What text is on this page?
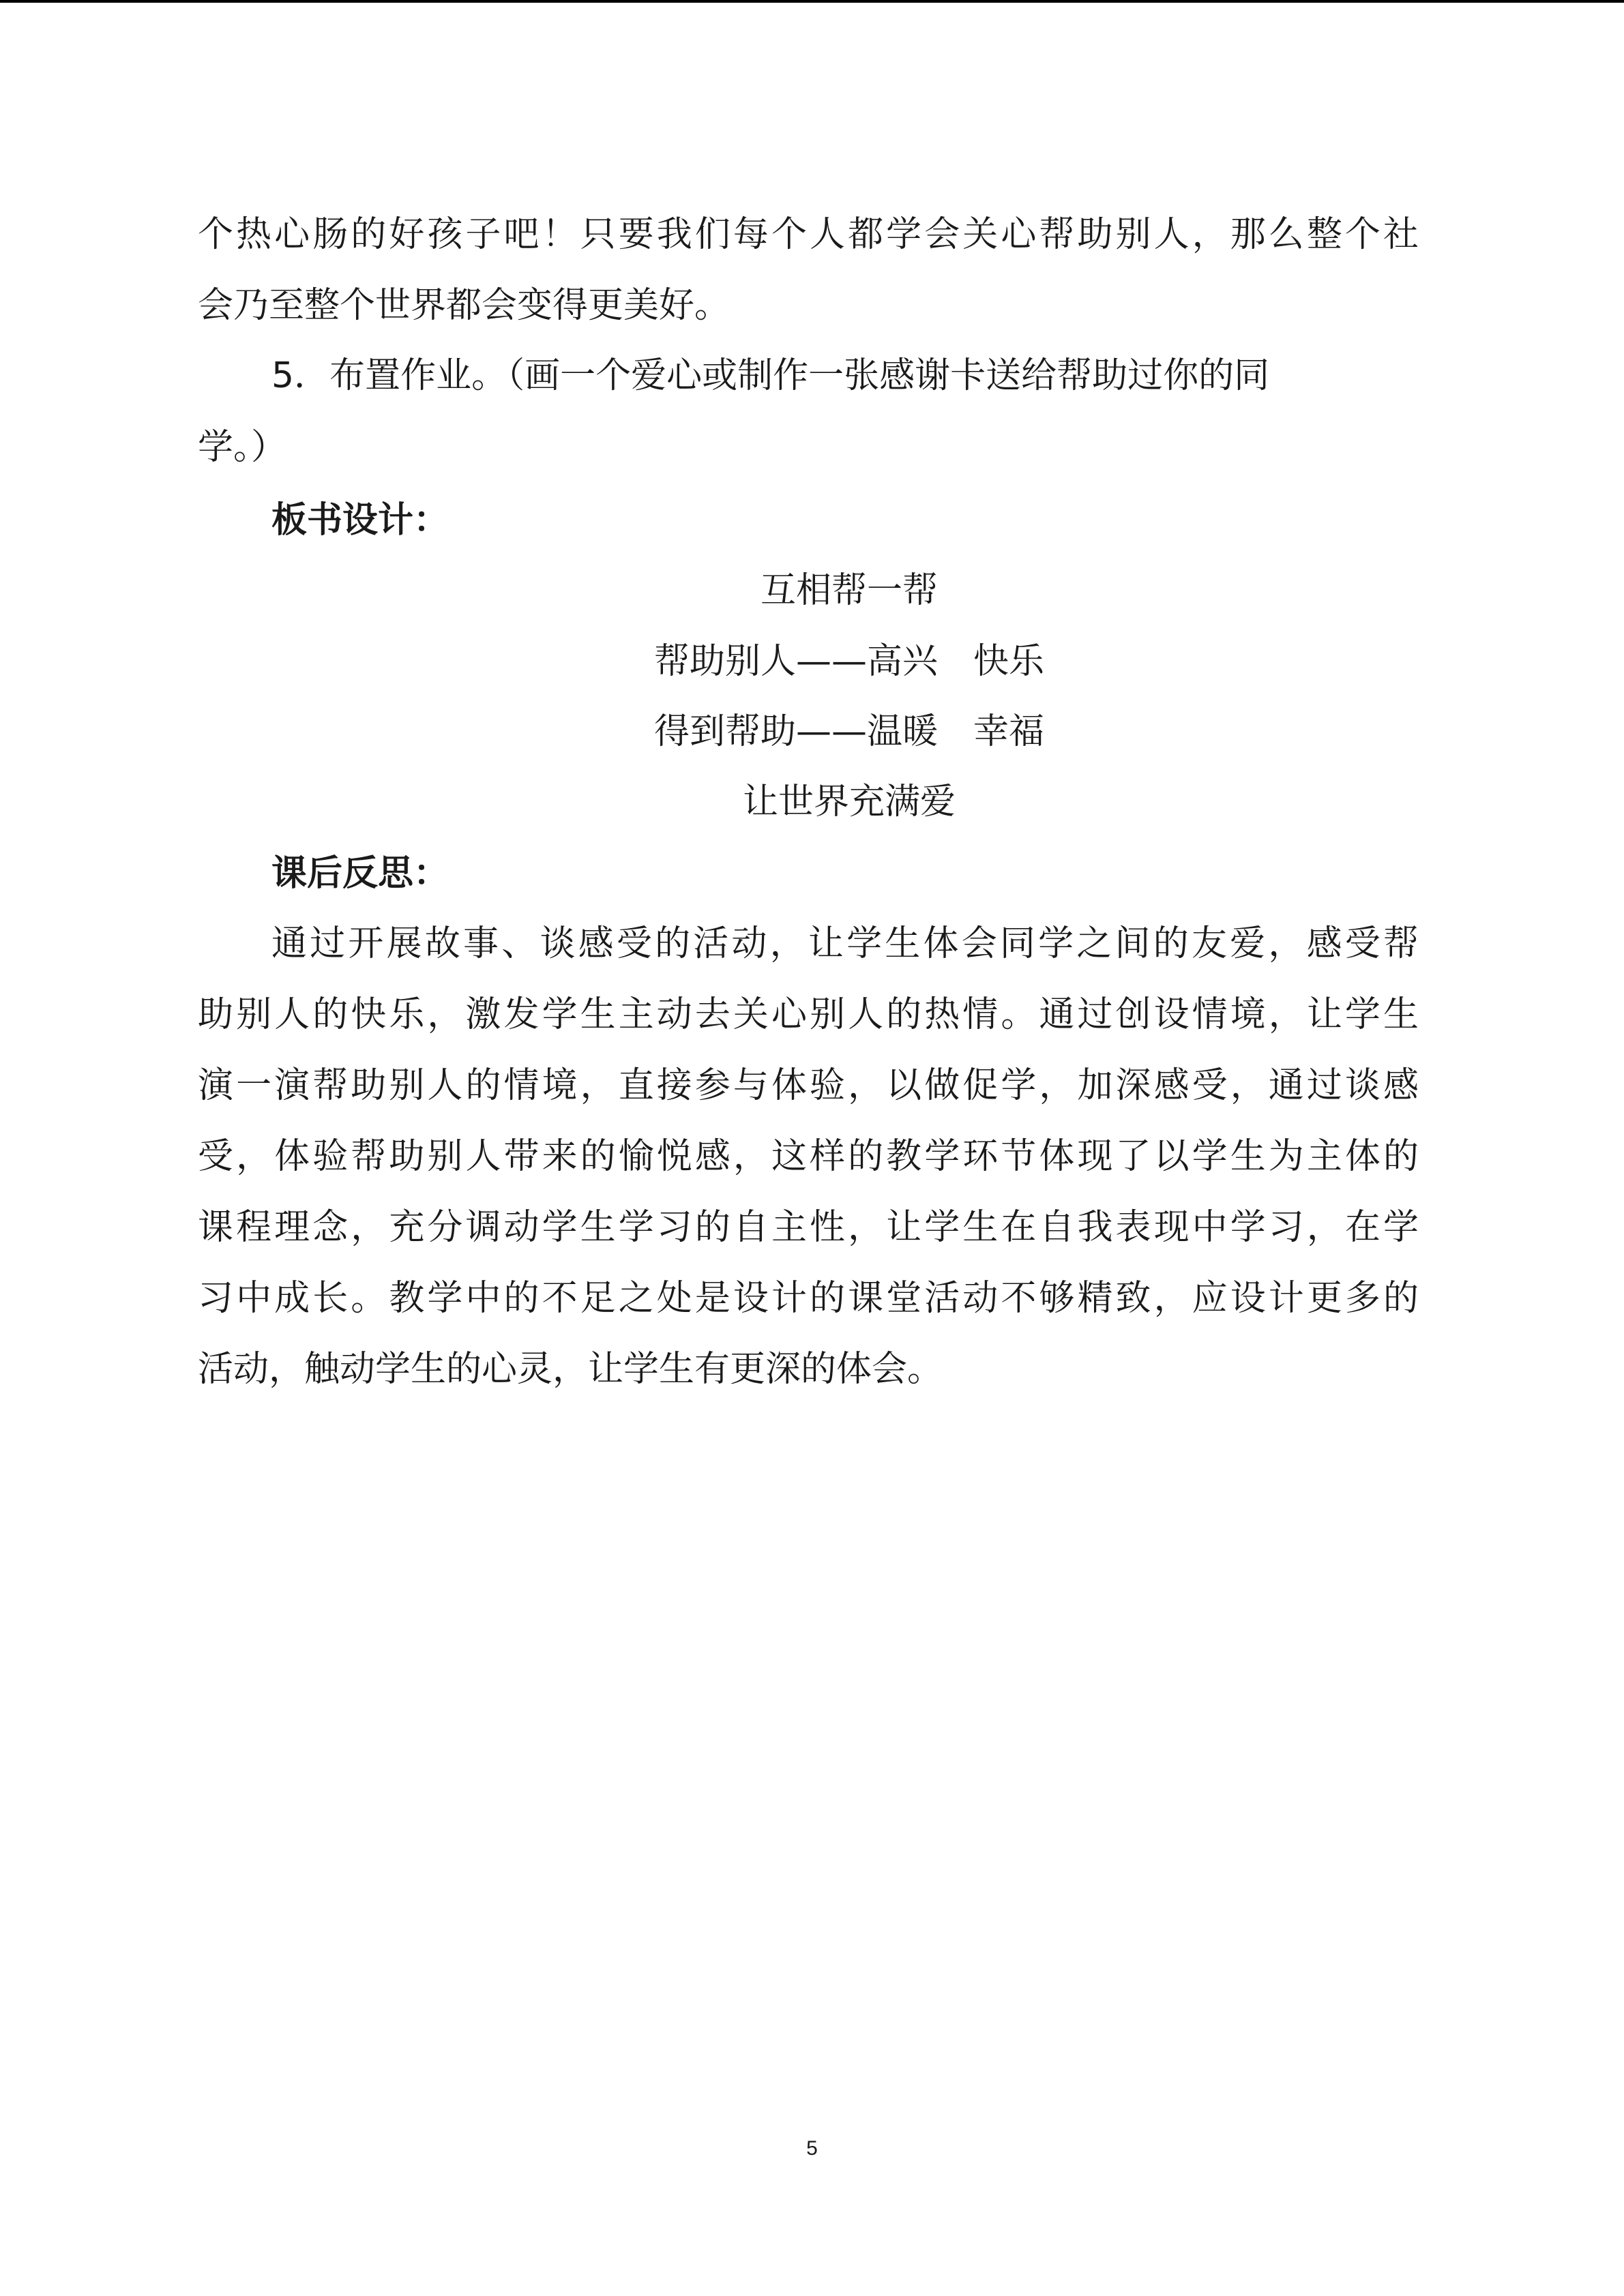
个热心肠的好孩子吧！只要我们每个人都学会关心帮助别人，那么整个社
会乃至整个世界都会变得更美好。
5．布置作业。（画一个爱心或制作一张感谢卡送给帮助过你的同
学。）
板书设计：
互相帮一帮
帮助别人——高兴　快乐
得到帮助——温暖　幸福
让世界充满爱
课后反思：
通过开展故事、谈感受的活动，让学生体会同学之间的友爱，感受帮
助别人的快乐，激发学生主动去关心别人的热情。通过创设情境，让学生
演一演帮助别人的情境，直接参与体验，以做促学，加深感受，通过谈感
受，体验帮助别人带来的愉悦感，这样的教学环节体现了以学生为主体的
课程理念，充分调动学生学习的自主性，让学生在自我表现中学习，在学
习中成长。教学中的不足之处是设计的课堂活动不够精致，应设计更多的
活动，触动学生的心灵，让学生有更深的体会。
5
